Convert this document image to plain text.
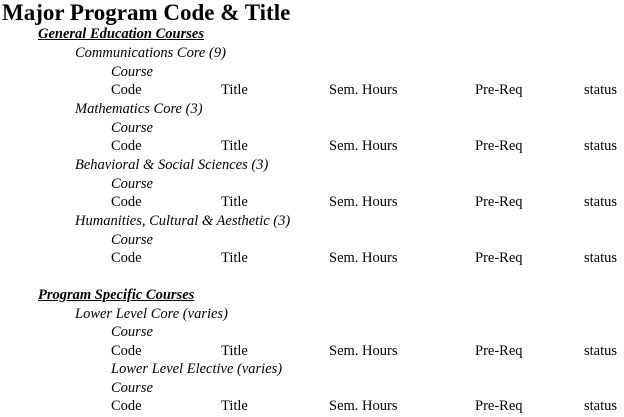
Major Program Code & Title
General Education Courses
Communications Core (9)
Course
Code	Title	Sem. Hours	Pre-Req	status
Mathematics Core (3)
Course
Code	Title	Sem. Hours	Pre-Req	status
Behavioral & Social Sciences (3)
Course
Code	Title	Sem. Hours	Pre-Req	status
Humanities, Cultural & Aesthetic (3)
Course
Code	Title	Sem. Hours	Pre-Req	status
Program Specific Courses
Lower Level Core (varies)
Course
Code	Title	Sem. Hours	Pre-Req	status
Lower Level Elective (varies)
Course
Code	Title	Sem. Hours	Pre-Req	status
